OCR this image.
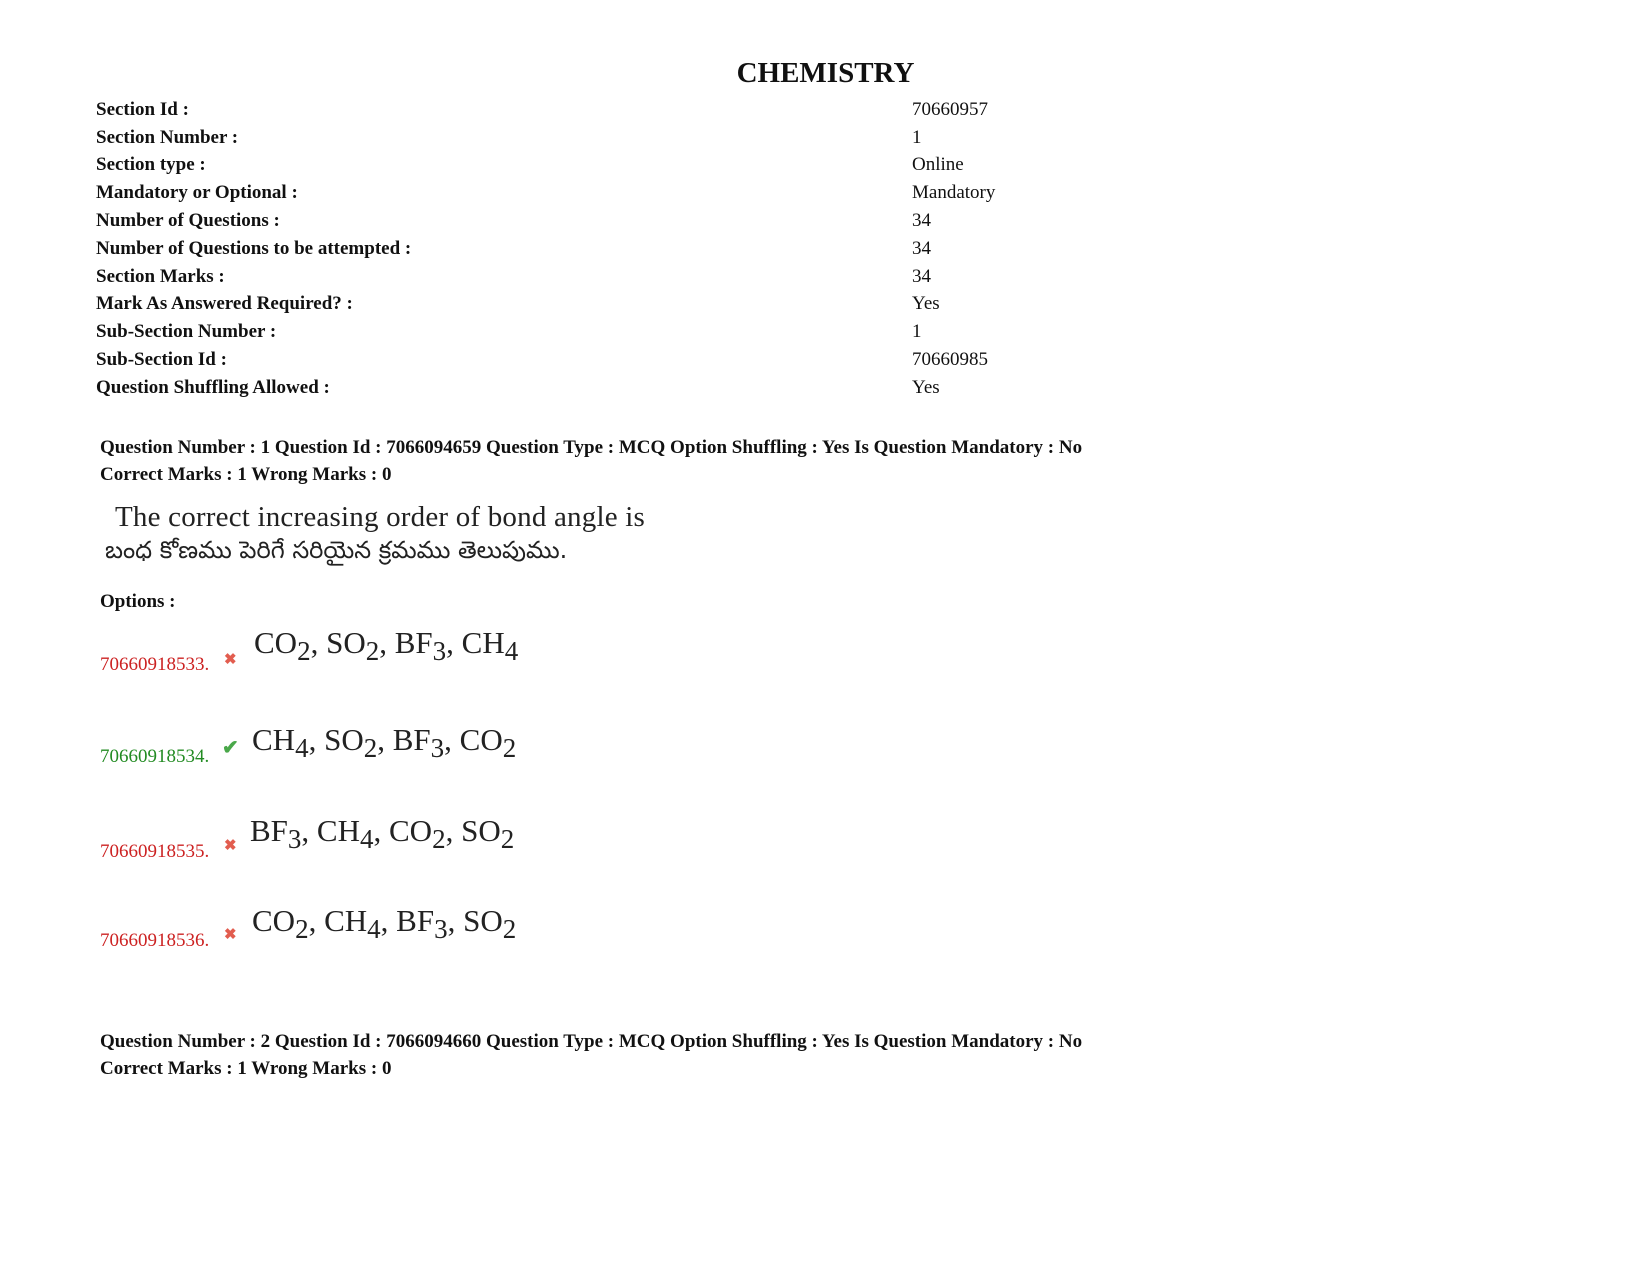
CHEMISTRY
Section Id :	70660957
Section Number :	1
Section type :	Online
Mandatory or Optional :	Mandatory
Number of Questions :	34
Number of Questions to be attempted :	34
Section Marks :	34
Mark As Answered Required? :	Yes
Sub-Section Number :	1
Sub-Section Id :	70660985
Question Shuffling Allowed :	Yes
Question Number : 1 Question Id : 7066094659 Question Type : MCQ Option Shuffling : Yes Is Question Mandatory : No
Correct Marks : 1 Wrong Marks : 0
The correct increasing order of bond angle is
బంధ కోణము పెరిగే సరియైన క్రమము తెలుపుము.
Options :
$CO_2$, $SO_2$, $BF_3$, $CH_4$
70660918533. ✖
$CH_4$, $SO_2$, $BF_3$, $CO_2$
70660918534. ✔
$BF_3$, $CH_4$, $CO_2$, $SO_2$
70660918535. ✖
$CO_2$, $CH_4$, $BF_3$, $SO_2$
70660918536. ✖
Question Number : 2 Question Id : 7066094660 Question Type : MCQ Option Shuffling : Yes Is Question Mandatory : No
Correct Marks : 1 Wrong Marks : 0
